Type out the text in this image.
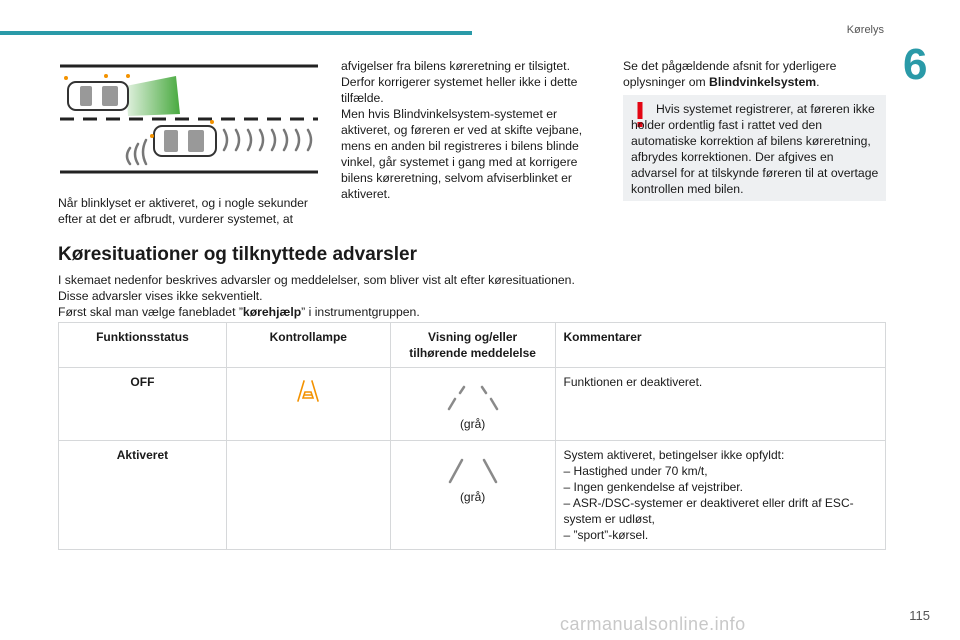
Kørelys
6

Når blinklyset er aktiveret, og i nogle sekunder efter at det er afbrudt, vurderer systemet, at

afvigelser fra bilens køreretning er tilsigtet. Derfor korrigerer systemet heller ikke i dette tilfælde.

Men hvis Blindvinkelsystem-systemet er aktiveret, og føreren er ved at skifte vejbane, mens en anden bil registreres i bilens blinde vinkel, går systemet i gang med at korrigere bilens køreretning, selvom afviserblinket er aktiveret.

Se det pågældende afsnit for yderligere oplysninger om Blindvinkelsystem.

Hvis systemet registrerer, at føreren ikke holder ordentlig fast i rattet ved den automatiske korrektion af bilens køreretning, afbrydes korrektionen. Der afgives en advarsel for at tilskynde føreren til at overtage kontrollen med bilen.
Køresituationer og tilknyttede advarsler

I skemaet nedenfor beskrives advarsler og meddelelser, som bliver vist alt efter køresituationen.

Disse advarsler vises ikke sekventielt.

Først skal man vælge fanebladet ”kørehjælp” i instrumentgruppen.

Funktionsstatus	Kontrollampe	Visning og/eller tilhørende meddelelse	Kommentarer
OFF		(grå)	Funktionen er deaktiveret.

Aktiveret		(grå)	System aktiveret, betingelser ikke opfyldt:
– Hastighed under 70 km/t,
– Ingen genkendelse af vejstriber.
– ASR-/DSC-systemer er deaktiveret eller drift af ESC-system er udløst,
– ”sport”-kørsel.
carmanualsonline.info	115
